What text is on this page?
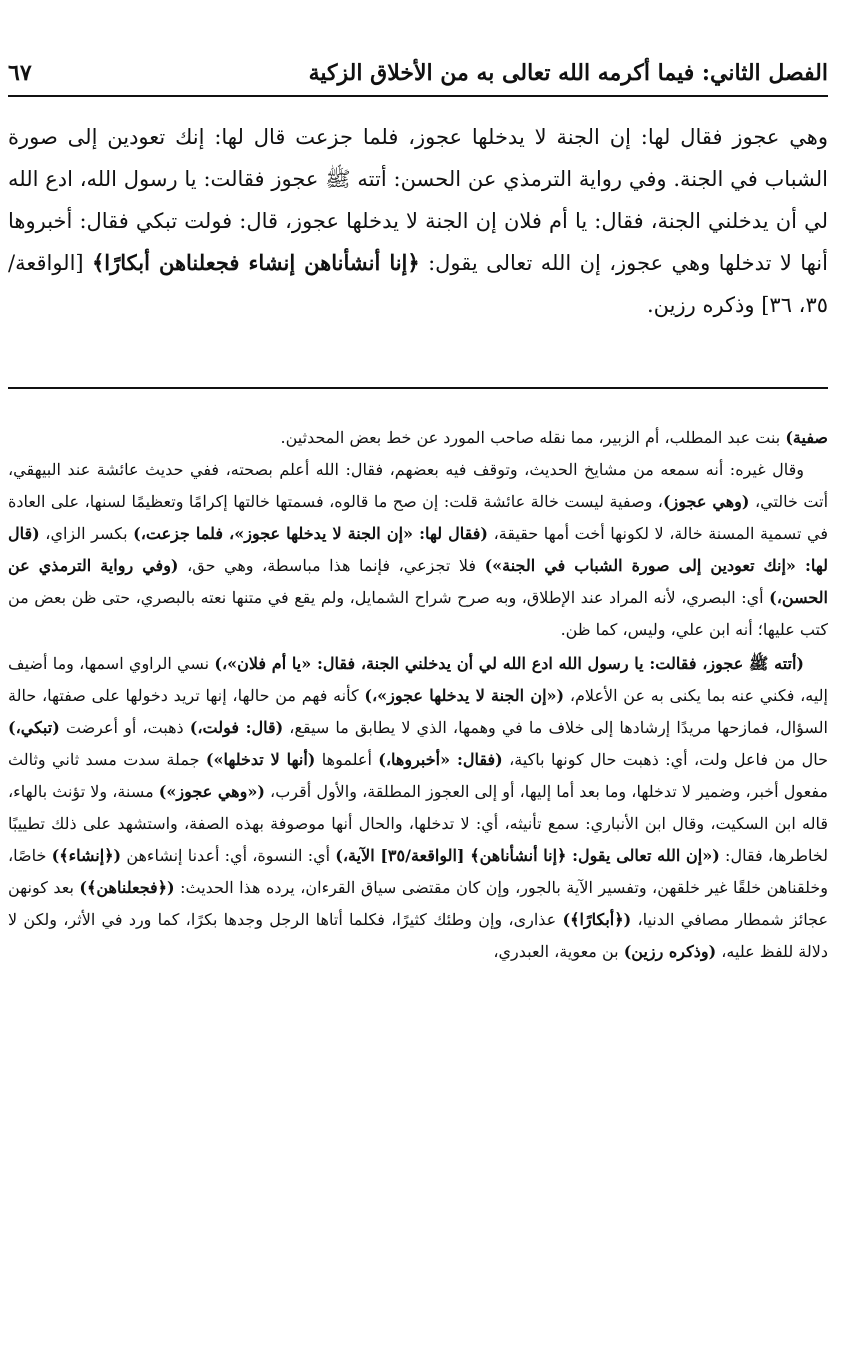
الفصل الثاني: فيما أكرمه الله تعالى به من الأخلاق الزكية
٦٧

وهي عجوز فقال لها: إن الجنة لا يدخلها عجوز، فلما جزعت قال لها: إنك تعودين إلى صورة الشباب في الجنة. وفي رواية الترمذي عن الحسن: أتته ﷺ عجوز فقالت: يا رسول الله، ادع الله لي أن يدخلني الجنة، فقال: يا أم فلان إن الجنة لا يدخلها عجوز، قال: فولت تبكي فقال: أخبروها أنها لا تدخلها وهي عجوز، إن الله تعالى يقول: ﴿إنا أنشأناهن إنشاء فجعلناهن أبكارًا﴾ [الواقعة/٣٥، ٣٦] وذكره رزين.

صفية) بنت عبد المطلب، أم الزبير، مما نقله صاحب المورد عن خط بعض المحدثين.

وقال غيره: أنه سمعه من مشايخ الحديث، وتوقف فيه بعضهم، فقال: الله أعلم بصحته، ففي حديث عائشة عند البيهقي، أتت خالتي، (وهي عجوز)، وصفية ليست خالة عائشة قلت: إن صح ما قالوه، فسمتها خالتها إكرامًا وتعظيمًا لسنها، على العادة في تسمية المسنة خالة، لا لكونها أخت أمها حقيقة، (فقال لها: «إن الجنة لا يدخلها عجوز»، فلما جزعت،) بكسر الزاي، (قال لها: «إنك تعودين إلى صورة الشباب في الجنة») فلا تجزعي، فإنما هذا مباسطة، وهي حق، (وفي رواية الترمذي عن الحسن،) أي: البصري، لأنه المراد عند الإطلاق، وبه صرح شراح الشمايل، ولم يقع في متنها نعته بالبصري، حتى ظن بعض من كتب عليها؛ أنه ابن علي، وليس، كما ظن.

(أتته ﷺ عجوز، فقالت: يا رسول الله ادع الله لي أن يدخلني الجنة، فقال: «يا أم فلان»،) نسي الراوي اسمها، وما أضيف إليه، فكني عنه بما يكنى به عن الأعلام، («إن الجنة لا يدخلها عجوز»،) كأنه فهم من حالها، إنها تريد دخولها على صفتها، حالة السؤال، فمازحها مريدًا إرشادها إلى خلاف ما في وهمها، الذي لا يطابق ما سيقع، (قال: فولت،) ذهبت، أو أعرضت (تبكي،) حال من فاعل ولت، أي: ذهبت حال كونها باكية، (فقال: «أخبروها،) أعلموها (أنها لا تدخلها») جملة سدت مسد ثاني وثالث مفعول أخبر، وضمير لا تدخلها، وما بعد أما إليها، أو إلى العجوز المطلقة، والأول أقرب، («وهي عجوز») مسنة، ولا تؤنث بالهاء، قاله ابن السكيت، وقال ابن الأنباري: سمع تأنيثه، أي: لا تدخلها، والحال أنها موصوفة بهذه الصفة، واستشهد على ذلك تطييبًا لخاطرها، فقال: («إن الله تعالى يقول: ﴿إنا أنشأناهن﴾ [الواقعة/٣٥] الآية،) أي: النسوة، أي: أعدنا إنشاءهن (﴿إنشاء﴾) خاصًا، وخلقناهن خلقًا غير خلقهن، وتفسير الآية بالجور، وإن كان مقتضى سياق القرءان، يرده هذا الحديث: (﴿فجعلناهن﴾) بعد كونهن عجائز شمطار مصافي الدنيا، (﴿أبكارًا﴾) عذارى، وإن وطئك كثيرًا، فكلما أتاها الرجل وجدها بكرًا، كما ورد في الأثر، ولكن لا دلالة للفظ عليه، (وذكره رزين) بن معوية، العبدري،
